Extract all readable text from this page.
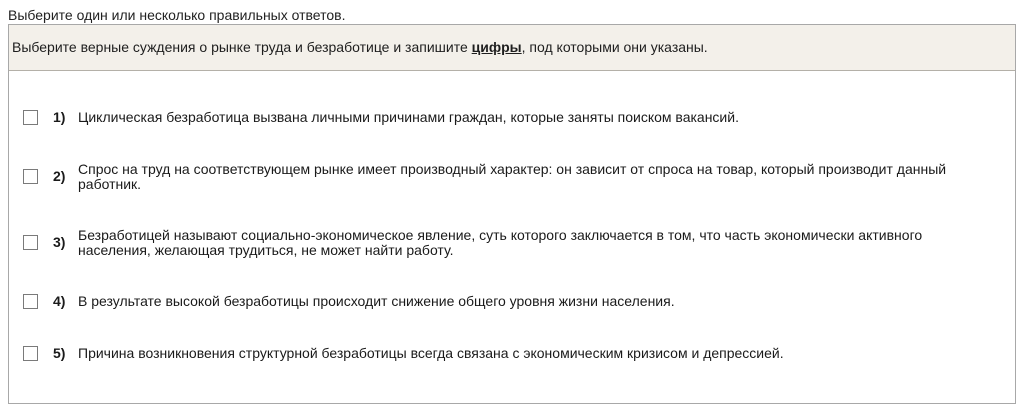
Выберите один или несколько правильных ответов.
Выберите верные суждения о рынке труда и безработице и запишите цифры, под которыми они указаны.
1) Циклическая безработица вызвана личными причинами граждан, которые заняты поиском вакансий.
2) Спрос на труд на соответствующем рынке имеет производный характер: он зависит от спроса на товар, который производит данный работник.
3) Безработицей называют социально-экономическое явление, суть которого заключается в том, что часть экономически активного населения, желающая трудиться, не может найти работу.
4) В результате высокой безработицы происходит снижение общего уровня жизни населения.
5) Причина возникновения структурной безработицы всегда связана с экономическим кризисом и депрессией.
